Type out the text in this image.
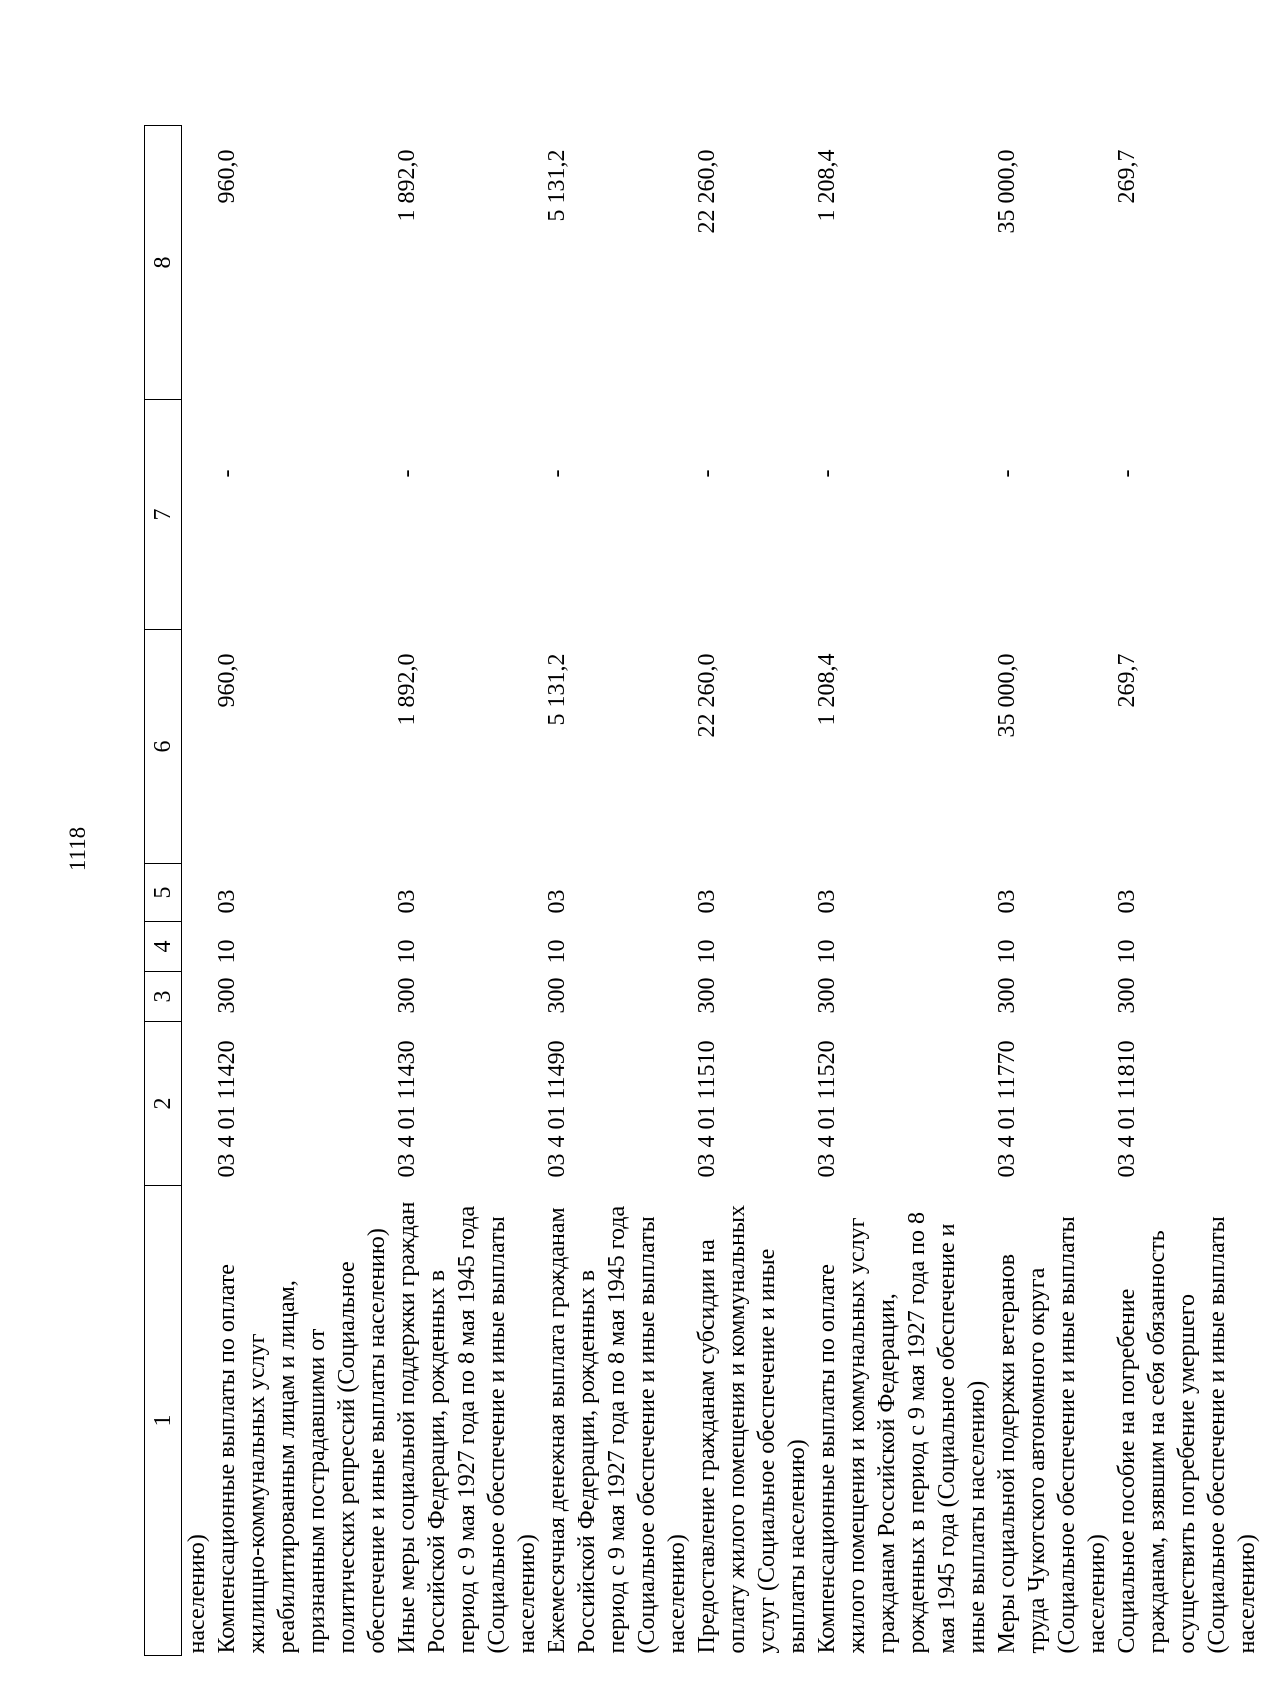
1118
1	2	3	4	5	6	7	8
населению)							
Компенсационные выплаты по оплате жилищно-коммунальных услуг реабилитированным лицам и лицам, признанным пострадавшими от политических репрессий (Социальное обеспечение и иные выплаты населению)	03 4 01 11420	300	10	03	960,0	-	960,0
Иные меры социальной поддержки граждан Российской Федерации, рожденных в период с 9 мая 1927 года по 8 мая 1945 года (Социальное обеспечение и иные выплаты населению)	03 4 01 11430	300	10	03	1 892,0	-	1 892,0
Ежемесячная денежная выплата гражданам Российской Федерации, рожденных в период с 9 мая 1927 года по 8 мая 1945 года (Социальное обеспечение и иные выплаты населению)	03 4 01 11490	300	10	03	5 131,2	-	5 131,2
Предоставление гражданам субсидии на оплату жилого помещения и коммунальных услуг (Социальное обеспечение и иные выплаты населению)	03 4 01 11510	300	10	03	22 260,0	-	22 260,0
Компенсационные выплаты по оплате жилого помещения и коммунальных услуг гражданам Российской Федерации, рожденных в период с 9 мая 1927 года по 8 мая 1945 года (Социальное обеспечение и иные выплаты населению)	03 4 01 11520	300	10	03	1 208,4	-	1 208,4
Меры социальной подержки ветеранов труда Чукотского автономного округа (Социальное обеспечение и иные выплаты населению)	03 4 01 11770	300	10	03	35 000,0	-	35 000,0
Социальное пособие на погребение гражданам, взявшим на себя обязанность осуществить погребение умершего (Социальное обеспечение и иные выплаты населению)	03 4 01 11810	300	10	03	269,7	-	269,7
